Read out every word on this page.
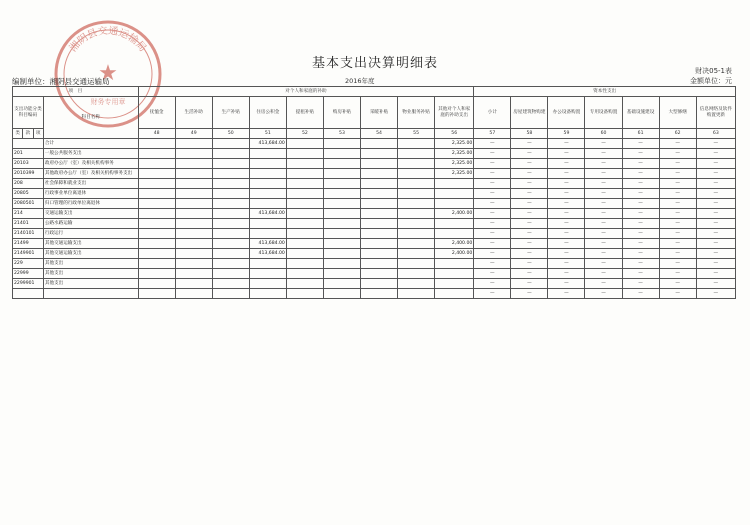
★
财务专用章
湘阴县交通运输局
基本支出决算明细表	财决05-1表
编制单位：湘阴县交通运输局	2016年度	金额单位：元
项　目				对个人和家庭的补助									资本性支出						
支出功能分类科目编码			科目名称	抚恤金	生活补助	生产补贴	住房公积金	提租补贴	购房补贴	采暖补贴	物业服务补贴	其他对个人和家庭的补助支出	小计	房屋建筑物购建	办公设备购置	专用设备购置	基础设施建设	大型修缮	信息网络及软件购置更新
类	款	项		48	49	50	51	52	53	54	55	56	57	58	59	60	61	62	63
			合计				413,684.00					2,325.00	—	—	—	—	—	—	—
201			一般公共服务支出									2,325.00	—	—	—	—	—	—	—
20103			政府办公厅（室）及相关机构事务									2,325.00	—	—	—	—	—	—	—
2010399			其他政府办公厅（室）及相关机构事务支出									2,325.00	—	—	—	—	—	—	—
208			社会保障和就业支出										—	—	—	—	—	—	—
20805			行政事业单位离退休										—	—	—	—	—	—	—
2080501			归口管理的行政单位离退休										—	—	—	—	—	—	—
214			交通运输支出				413,684.00					2,400.00	—	—	—	—	—	—	—
21401			公路水路运输										—	—	—	—	—	—	—
2140101			行政运行										—	—	—	—	—	—	—
21499			其他交通运输支出				413,684.00					2,400.00	—	—	—	—	—	—	—
2149901			其他交通运输支出				413,684.00					2,400.00	—	—	—	—	—	—	—
229			其他支出										—	—	—	—	—	—	—
22999			其他支出										—	—	—	—	—	—	—
2299901			其他支出										—	—	—	—	—	—	—
													—	—	—	—	—	—	—
